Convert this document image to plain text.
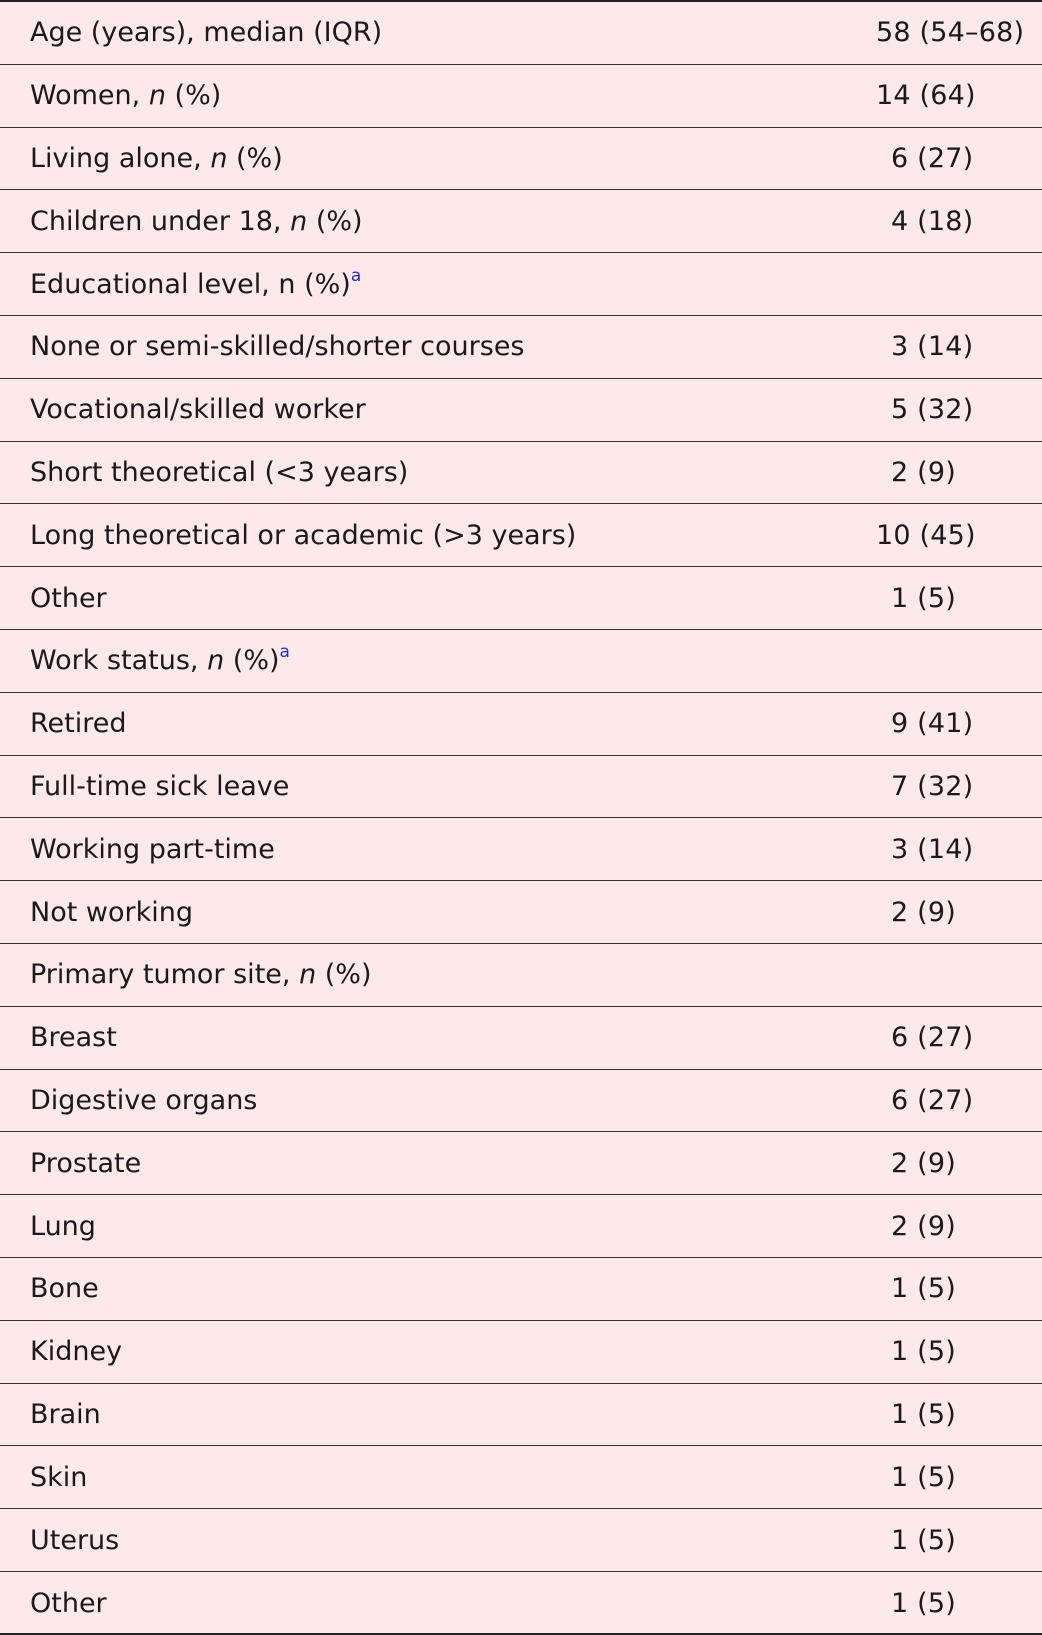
Age (years), median (IQR)	58 (54–68)
Women, n (%)	14 (64)
Living alone, n (%)	6 (27)
Children under 18, n (%)	4 (18)
Educational level, n (%)$^a$
None or semi-skilled/shorter courses	3 (14)
Vocational/skilled worker	5 (32)
Short theoretical (<3 years)	2 (9)
Long theoretical or academic (>3 years)	10 (45)
Other	1 (5)
Work status, n (%)$^a$
Retired	9 (41)
Full-time sick leave	7 (32)
Working part-time	3 (14)
Not working	2 (9)
Primary tumor site, n (%)
Breast	6 (27)
Digestive organs	6 (27)
Prostate	2 (9)
Lung	2 (9)
Bone	1 (5)
Kidney	1 (5)
Brain	1 (5)
Skin	1 (5)
Uterus	1 (5)
Other	1 (5)
